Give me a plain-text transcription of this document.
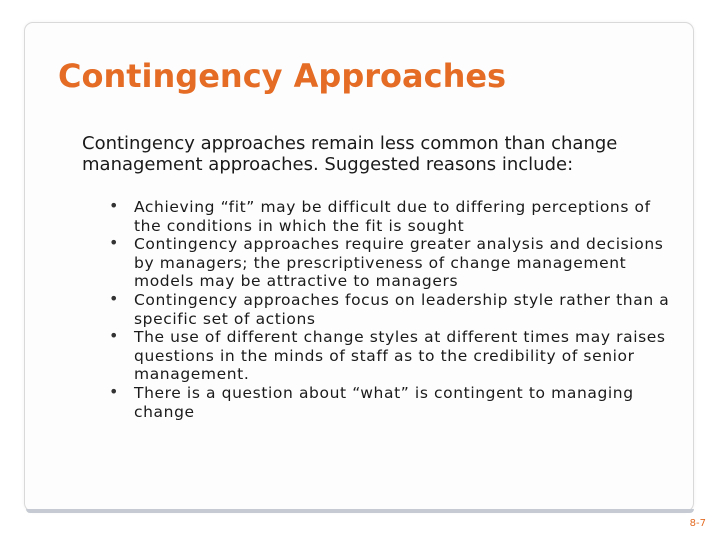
Contingency Approaches

Contingency approaches remain less common than change management approaches. Suggested reasons include:

• Achieving “fit” may be difficult due to differing perceptions of the conditions in which the fit is sought
• Contingency approaches require greater analysis and decisions by managers; the prescriptiveness of change management models may be attractive to managers
• Contingency approaches focus on leadership style rather than a specific set of actions
• The use of different change styles at different times may raises questions in the minds of staff as to the credibility of senior management.
• There is a question about “what” is contingent to managing change
8-7
